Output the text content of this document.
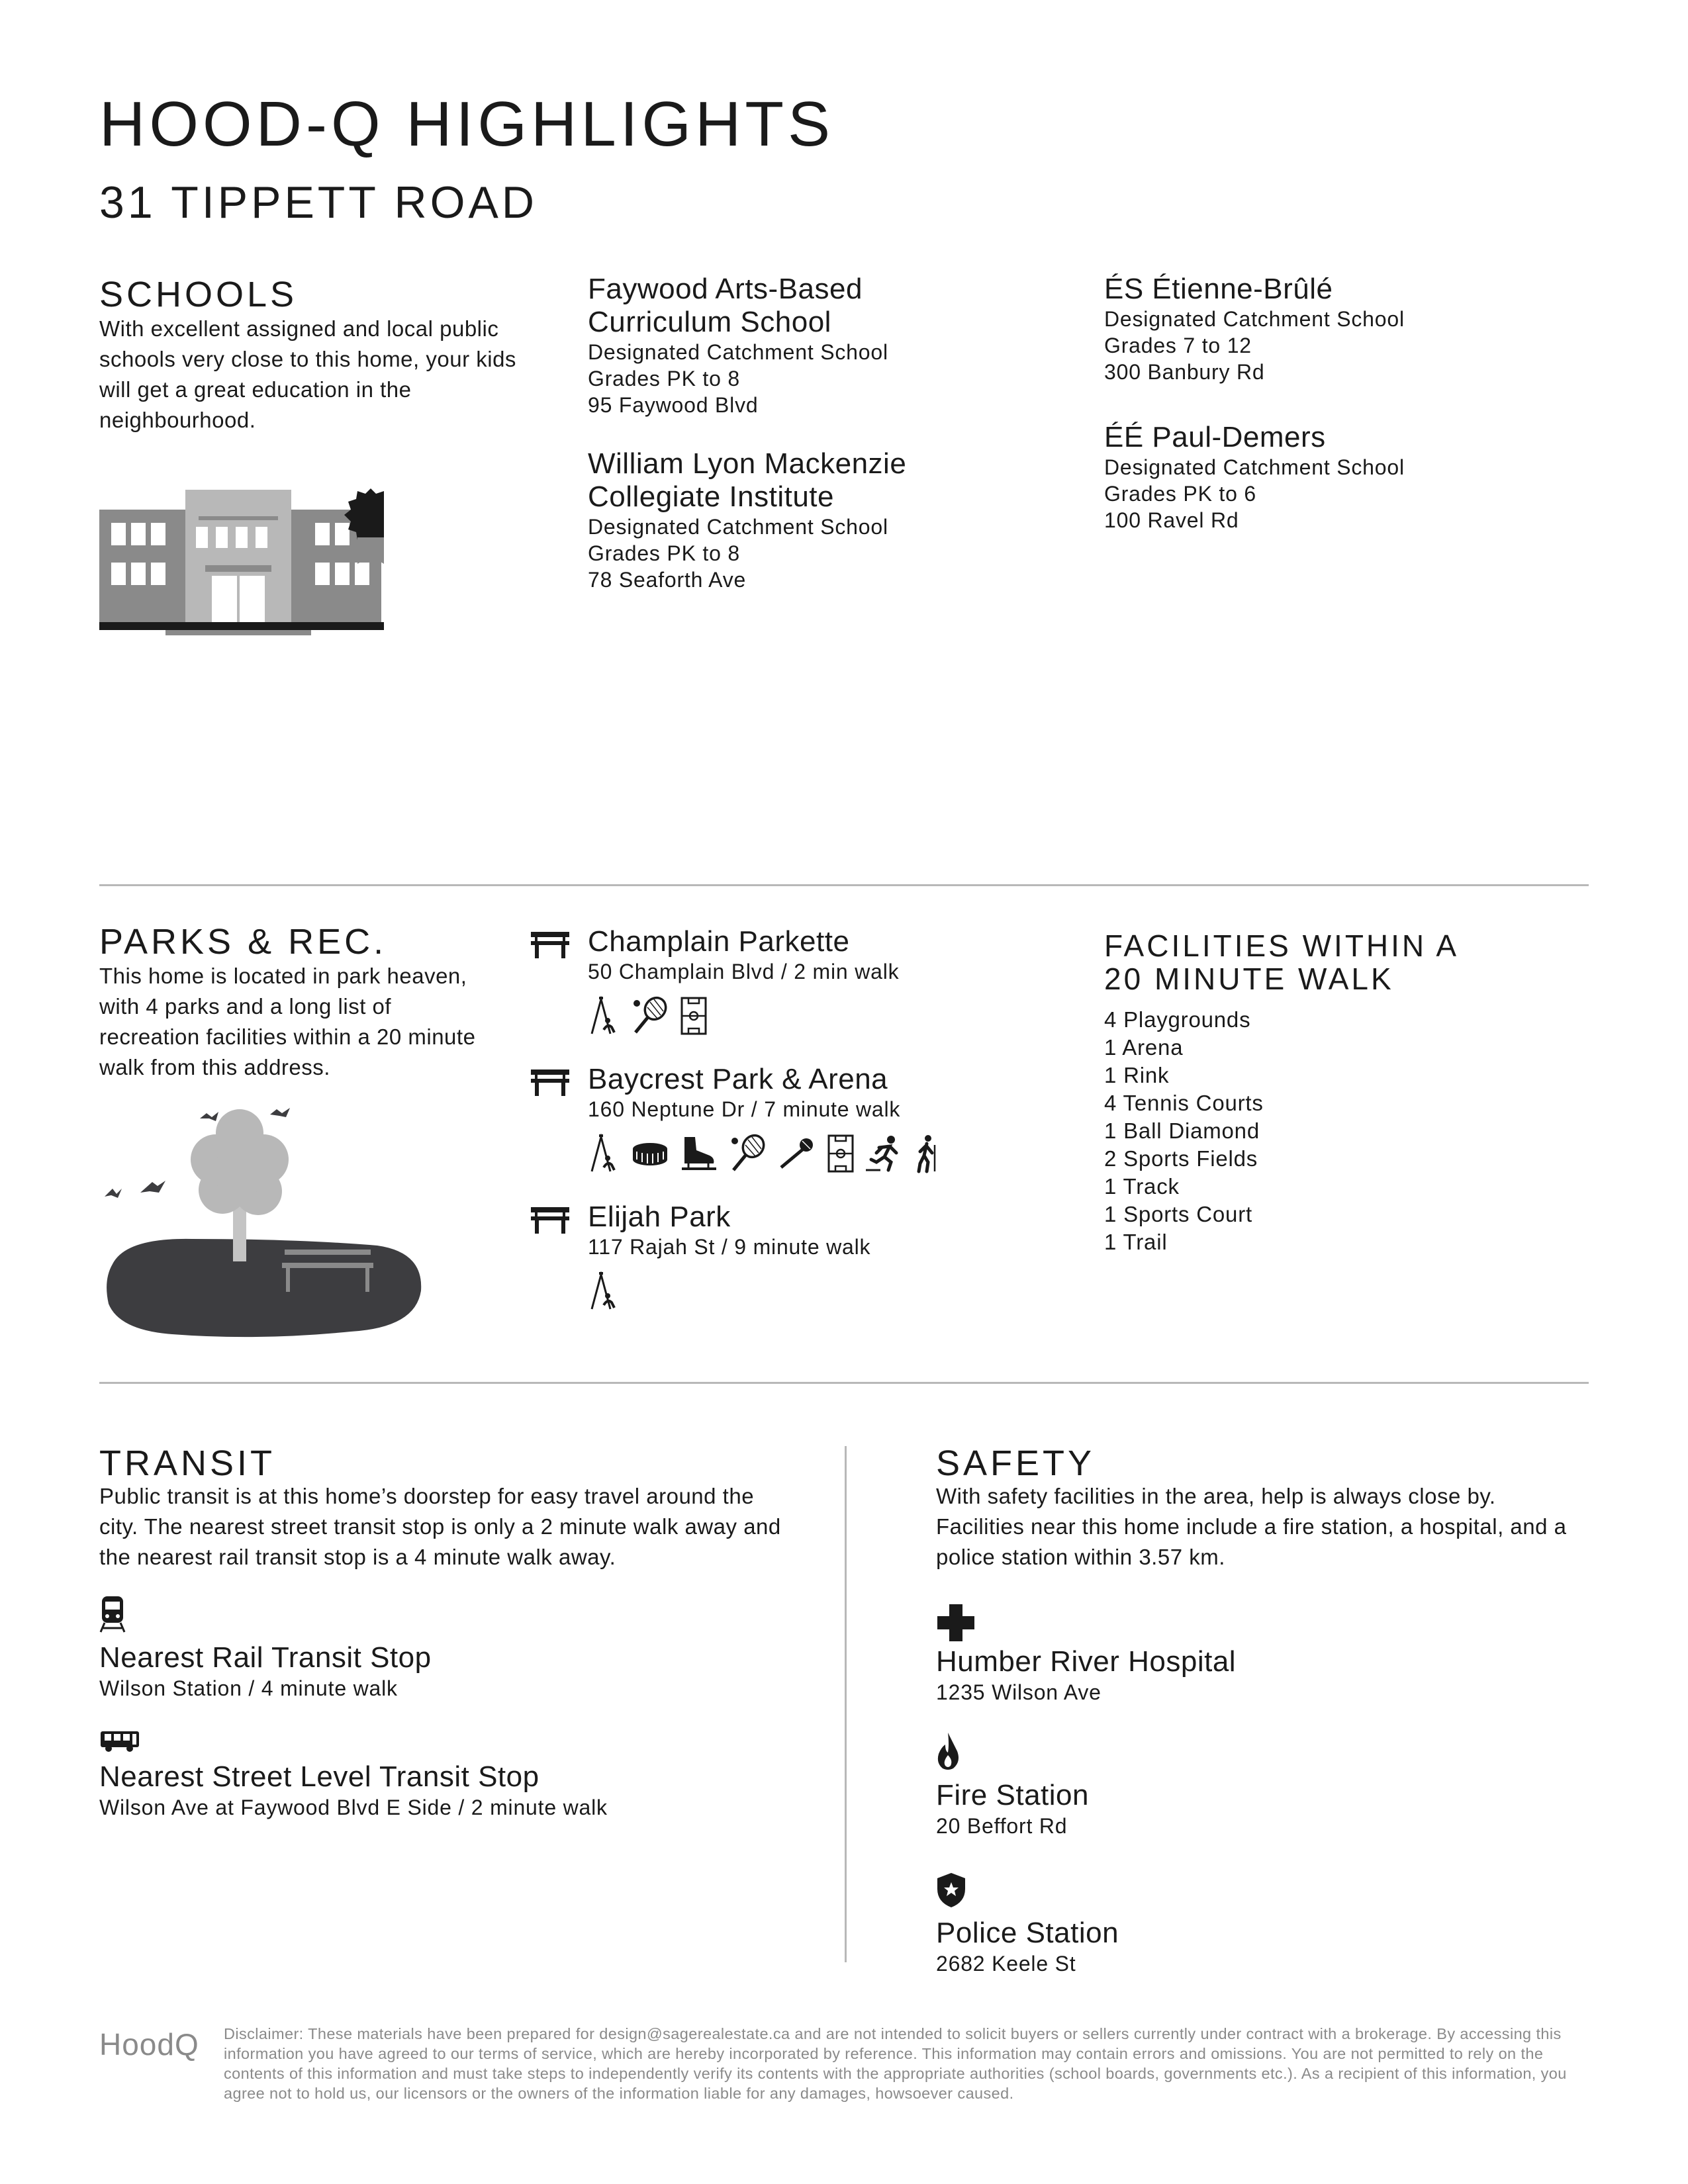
HOOD-Q HIGHLIGHTS
31 TIPPETT ROAD
SCHOOLS
With excellent assigned and local public schools very close to this home, your kids will get a great education in the neighbourhood.
Faywood Arts-Based Curriculum School
Designated Catchment School
Grades PK to 8
95 Faywood Blvd
William Lyon Mackenzie Collegiate Institute
Designated Catchment School
Grades PK to 8
78 Seaforth Ave
ÉS Étienne-Brûlé
Designated Catchment School
Grades 7 to 12
300 Banbury Rd
ÉÉ Paul-Demers
Designated Catchment School
Grades PK to 6
100 Ravel Rd
PARKS & REC.
This home is located in park heaven, with 4 parks and a long list of recreation facilities within a 20 minute walk from this address.
Champlain Parkette
50 Champlain Blvd / 2 min walk
Baycrest Park & Arena
160 Neptune Dr / 7 minute walk
Elijah Park
117 Rajah St / 9 minute walk
FACILITIES WITHIN A
20 MINUTE WALK
4 Playgrounds
1 Arena
1 Rink
4 Tennis Courts
1 Ball Diamond
2 Sports Fields
1 Track
1 Sports Court
1 Trail
TRANSIT
Public transit is at this home’s doorstep for easy travel around the city. The nearest street transit stop is only a 2 minute walk away and the nearest rail transit stop is a 4 minute walk away.
Nearest Rail Transit Stop
Wilson Station / 4 minute walk
Nearest Street Level Transit Stop
Wilson Ave at Faywood Blvd E Side / 2 minute walk
SAFETY
With safety facilities in the area, help is always close by. Facilities near this home include a fire station, a hospital, and a police station within 3.57 km.
Humber River Hospital
1235 Wilson Ave
Fire Station
20 Beffort Rd
Police Station
2682 Keele St
HoodQ Disclaimer: These materials have been prepared for design@sagerealestate.ca and are not intended to solicit buyers or sellers currently under contract with a brokerage. By accessing this information you have agreed to our terms of service, which are hereby incorporated by reference. This information may contain errors and omissions. You are not permitted to rely on the contents of this information and must take steps to independently verify its contents with the appropriate authorities (school boards, governments etc.). As a recipient of this information, you agree not to hold us, our licensors or the owners of the information liable for any damages, howsoever caused.
